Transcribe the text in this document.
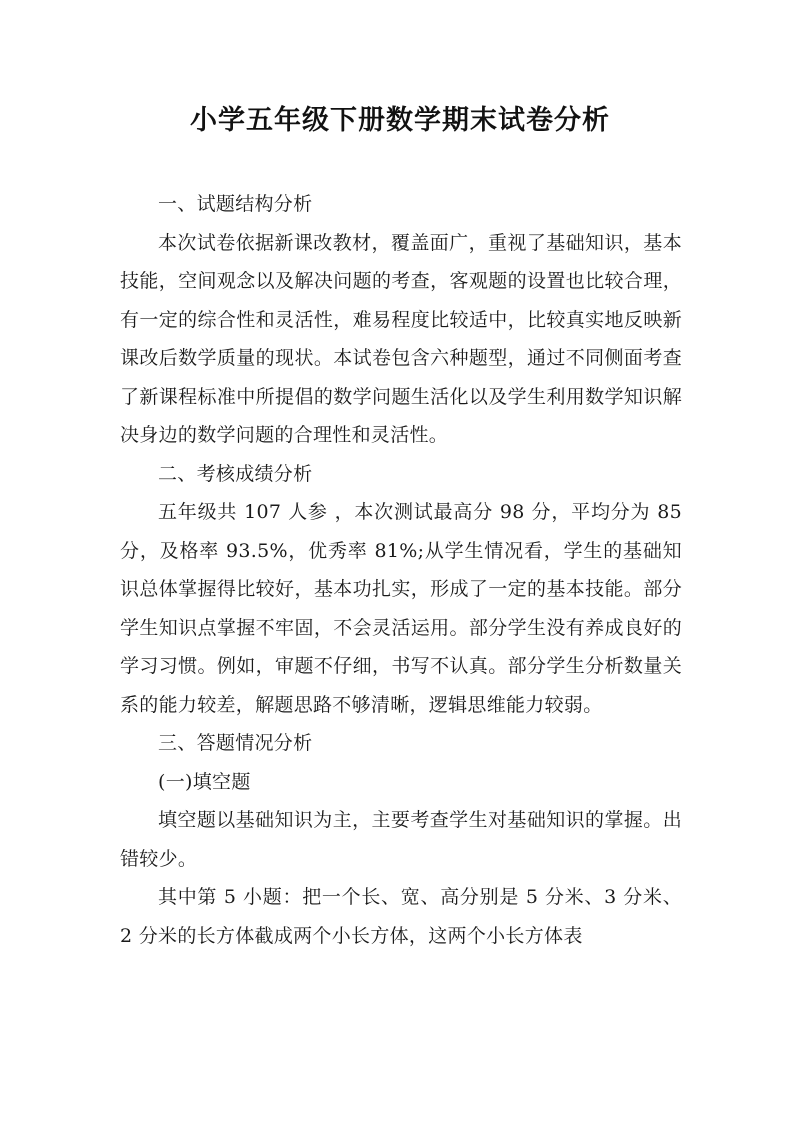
小学五年级下册数学期末试卷分析

一、试题结构分析

本次试卷依据新课改教材，覆盖面广，重视了基础知识，基本技能，空间观念以及解决问题的考查，客观题的设置也比较合理，有一定的综合性和灵活性，难易程度比较适中，比较真实地反映新课改后数学质量的现状。本试卷包含六种题型，通过不同侧面考查了新课程标准中所提倡的数学问题生活化以及学生利用数学知识解决身边的数学问题的合理性和灵活性。

二、考核成绩分析

五年级共 107 人参 ，本次测试最高分 98 分，平均分为 85 分，及格率 93.5%，优秀率 81%;从学生情况看，学生的基础知识总体掌握得比较好，基本功扎实，形成了一定的基本技能。部分学生知识点掌握不牢固，不会灵活运用。部分学生没有养成良好的学习习惯。例如，审题不仔细，书写不认真。部分学生分析数量关系的能力较差，解题思路不够清晰，逻辑思维能力较弱。

三、答题情况分析

(一)填空题

填空题以基础知识为主，主要考查学生对基础知识的掌握。出错较少。

其中第 5 小题：把一个长、宽、高分别是 5 分米、3 分米、2 分米的长方体截成两个小长方体，这两个小长方体表
